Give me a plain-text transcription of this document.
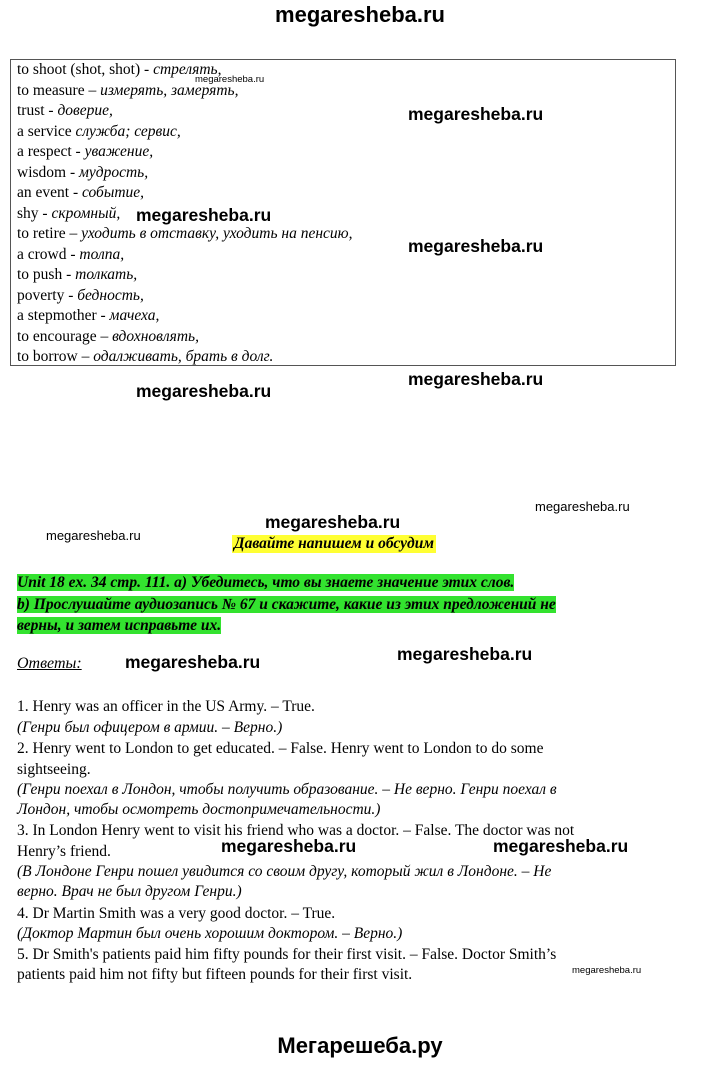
megaresheba.ru
to shoot (shot, shot) - стрелять,
to measure – измерять, замерять,
trust - доверие,
a service служба; сервис,
a respect - уважение,
wisdom - мудрость,
an event - событие,
shy - скромный,
to retire – уходить в отставку, уходить на пенсию,
a crowd - толпа,
to push - толкать,
poverty - бедность,
a stepmother - мачеха,
to encourage – вдохновлять,
to borrow – одалживать, брать в долг.
megaresheba.ru
megaresheba.ru
megaresheba.ru
megaresheba.ru
megaresheba.ru
megaresheba.ru
megaresheba.ru
megaresheba.ru
megaresheba.ru
megaresheba.ru	megaresheba.ru
megaresheba.ru	megaresheba.ru
megaresheba.ru
Давайте напишем и обсудим
Unit 18 ex. 34 стр. 111. a) Убедитесь, что вы знаете значение этих слов.
b) Прослушайте аудиозапись № 67 и скажите, какие из этих предложений не
верны, и затем исправьте их.
Ответы:
1. Henry was an officer in the US Army. – True.
(Генри был офицером в армии. – Верно.)
2. Henry went to London to get educated. – False. Henry went to London to do some
sightseeing.
(Генри поехал в Лондон, чтобы получить образование. – Не верно. Генри поехал в
Лондон, чтобы осмотреть достопримечательности.)
3. In London Henry went to visit his friend who was a doctor. – False. The doctor was not
Henry’s friend.
(В Лондоне Генри пошел увидится со своим другу, который жил в Лондоне. – Не
верно. Врач не был другом Генри.)
4. Dr Martin Smith was a very good doctor. – True.
(Доктор Мартин был очень хорошим доктором. – Верно.)
5. Dr Smith's patients paid him fifty pounds for their first visit. – False. Doctor Smith’s
patients paid him not fifty but fifteen pounds for their first visit.
Мегарешеба.ру
